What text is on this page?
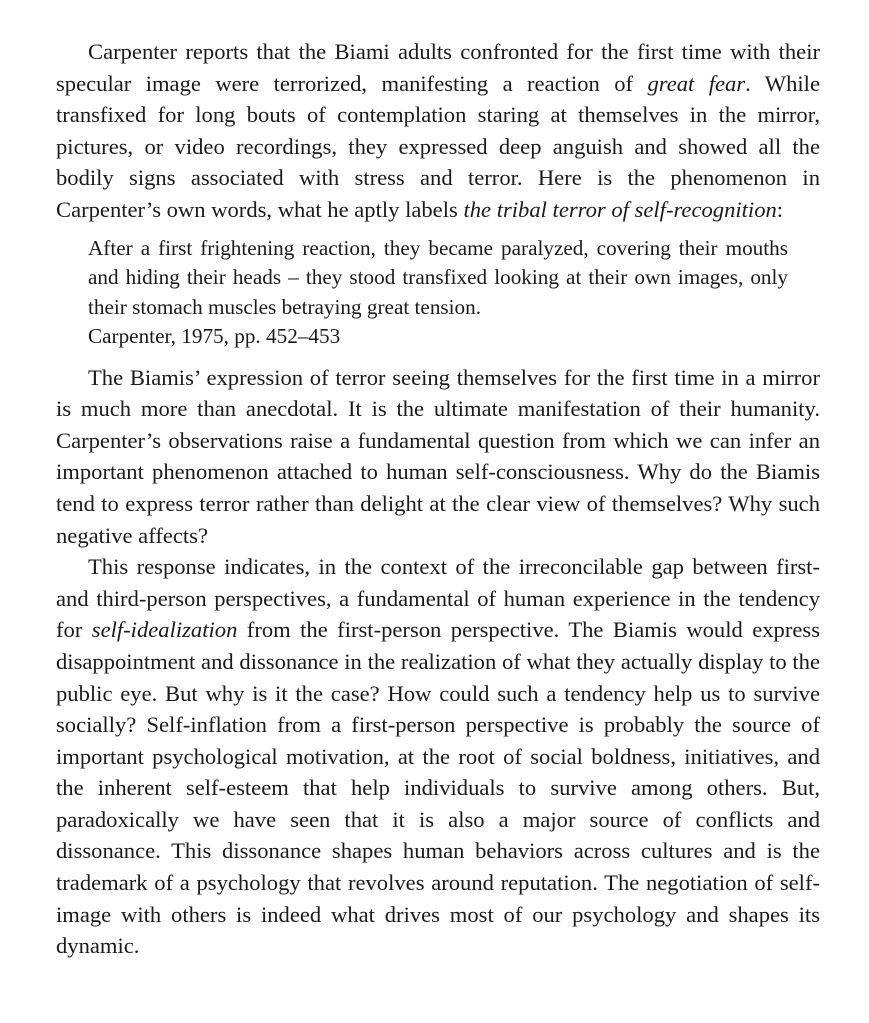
Carpenter reports that the Biami adults confronted for the first time with their specular image were terrorized, manifesting a reaction of great fear. While transfixed for long bouts of contemplation staring at themselves in the mirror, pictures, or video recordings, they expressed deep anguish and showed all the bodily signs associated with stress and terror. Here is the phenomenon in Carpenter’s own words, what he aptly labels the tribal terror of self-recognition:

After a first frightening reaction, they became paralyzed, covering their mouths and hiding their heads – they stood transfixed looking at their own images, only their stomach muscles betraying great tension.
Carpenter, 1975, pp. 452–453

The Biamis’ expression of terror seeing themselves for the first time in a mirror is much more than anecdotal. It is the ultimate manifestation of their humanity. Carpenter’s observations raise a fundamental question from which we can infer an important phenomenon attached to human self-consciousness. Why do the Biamis tend to express terror rather than delight at the clear view of themselves? Why such negative affects?

This response indicates, in the context of the irreconcilable gap between first- and third-person perspectives, a fundamental of human experience in the tendency for self-idealization from the first-person perspective. The Biamis would express disappointment and dissonance in the realization of what they actually display to the public eye. But why is it the case? How could such a tendency help us to survive socially? Self-inflation from a first-person perspective is probably the source of important psychological motivation, at the root of social boldness, initiatives, and the inherent self-esteem that help individuals to survive among others. But, paradoxically we have seen that it is also a major source of conflicts and dissonance. This dissonance shapes human behaviors across cultures and is the trademark of a psychology that revolves around reputation. The negotiation of self-image with others is indeed what drives most of our psychology and shapes its dynamic.
